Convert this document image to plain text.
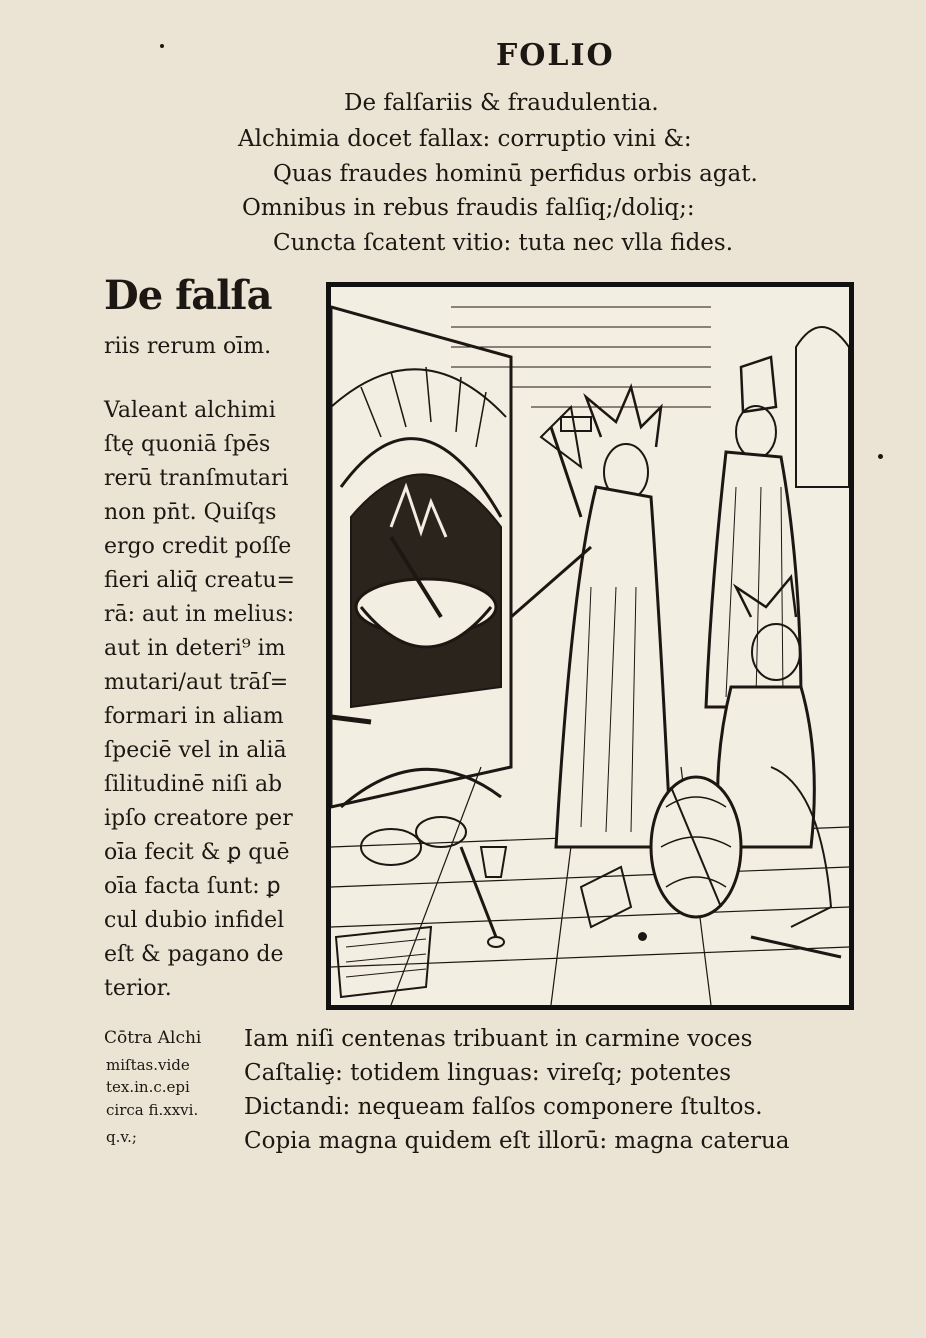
FOLIO
De falſariis & fraudulentia.
Alchimia docet fallax: corruptio vini &:
Quas fraudes hominū perfidus orbis agat.
Omnibus in rebus fraudis falſiq;/doliq;:
Cuncta ſcatent vitio: tuta nec vlla fides.
De falſa
riis rerum oīm.
Valeant alchimi
ſtę quoniā ſpēs
rerū tranſmutari
non pn̄t. Quiſqs
ergo credit poſſe
fieri aliq̄ creatu=
rā: aut in melius:
aut in deteri⁹ im
mutari/aut trāſ=
formari in aliam
ſpeciē vel in aliā
ſilitudinē niſi ab
ipſo creatore per
oīa fecit & ꝑ quē
oīa facta ſunt: ꝑ
cul dubio infidel
eſt & pagano de
terior.
Cōtra Alchi
miſtas.vide
tex.in.c.epi
circa fi.xxvi.
q.v.;
Iam niſi centenas tribuant in carmine voces
Caſtaliȩ: totidem linguas: vireſq; potentes
Dictandi: nequeam falſos componere ſtultos.
Copia magna quidem eſt illorū: magna caterua
